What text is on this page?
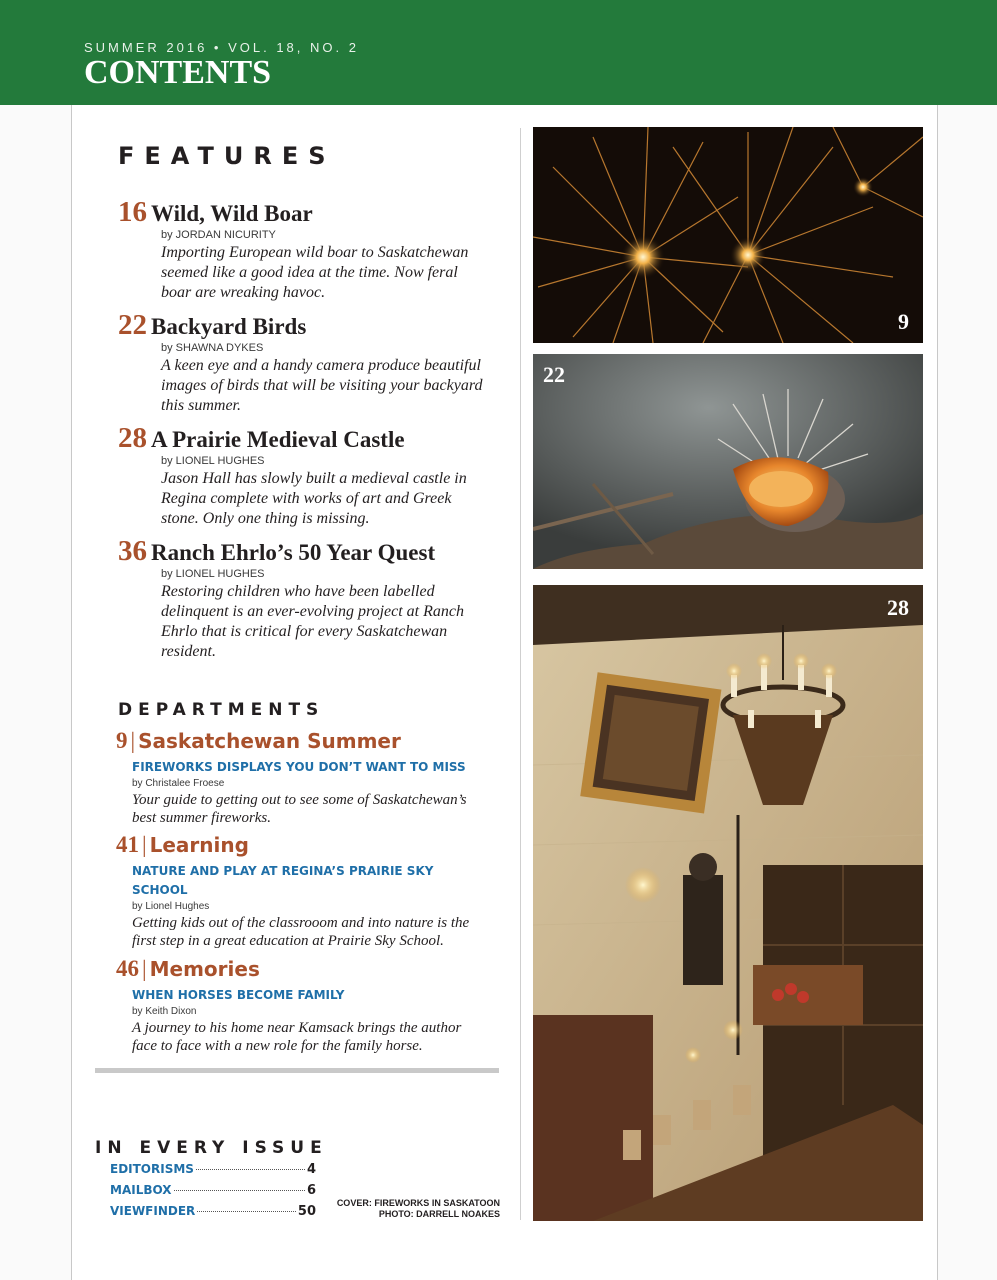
SUMMER 2016 • VOL. 18, NO. 2
CONTENTS
FEATURES
16 Wild, Wild Boar
by JORDAN NICURITY
Importing European wild boar to Saskatchewan seemed like a good idea at the time. Now feral boar are wreaking havoc.
22 Backyard Birds
by SHAWNA DYKES
A keen eye and a handy camera produce beautiful images of birds that will be visiting your backyard this summer.
28 A Prairie Medieval Castle
by LIONEL HUGHES
Jason Hall has slowly built a medieval castle in Regina complete with works of art and Greek stone. Only one thing is missing.
36 Ranch Ehrlo’s 50 Year Quest
by LIONEL HUGHES
Restoring children who have been labelled delinquent is an ever-evolving project at Ranch Ehrlo that is critical for every Saskatchewan resident.
DEPARTMENTS
9 | Saskatchewan Summer
FIREWORKS DISPLAYS YOU DON’T WANT TO MISS
by Christalee Froese
Your guide to getting out to see some of Saskatchewan’s best summer fireworks.
41 | Learning
NATURE AND PLAY AT REGINA’S PRAIRIE SKY SCHOOL
by Lionel Hughes
Getting kids out of the classrooom and into nature is the first step in a great education at Prairie Sky School.
46 | Memories
WHEN HORSES BECOME FAMILY
by Keith Dixon
A journey to his home near Kamsack brings the author face to face with a new role for the family horse.
IN EVERY ISSUE
EDITORISMS	4
MAILBOX	6
VIEWFINDER	50
COVER: FIREWORKS IN SASKATOON
PHOTO: DARRELL NOAKES
9
22
28
